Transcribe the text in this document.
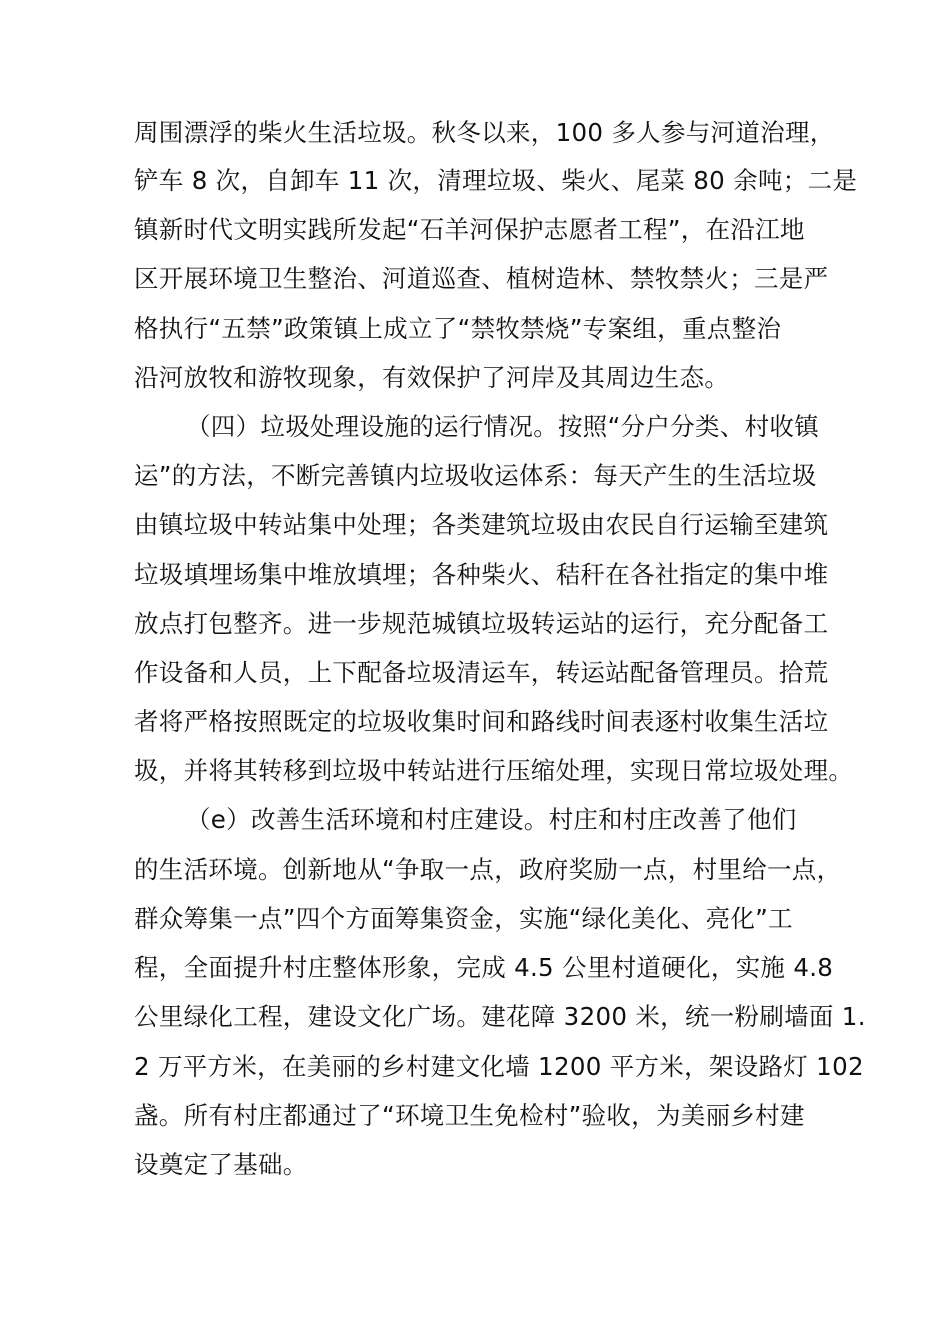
周围漂浮的柴火生活垃圾。秋冬以来，100 多人参与河道治理，
铲车 8 次，自卸车 11 次，清理垃圾、柴火、尾菜 80 余吨；二是
镇新时代文明实践所发起“石羊河保护志愿者工程”，在沿江地
区开展环境卫生整治、河道巡查、植树造林、禁牧禁火；三是严
格执行“五禁”政策镇上成立了“禁牧禁烧”专案组，重点整治
沿河放牧和游牧现象，有效保护了河岸及其周边生态。
（四）垃圾处理设施的运行情况。按照“分户分类、村收镇
运”的方法，不断完善镇内垃圾收运体系：每天产生的生活垃圾
由镇垃圾中转站集中处理；各类建筑垃圾由农民自行运输至建筑
垃圾填埋场集中堆放填埋；各种柴火、秸秆在各社指定的集中堆
放点打包整齐。进一步规范城镇垃圾转运站的运行，充分配备工
作设备和人员，上下配备垃圾清运车，转运站配备管理员。拾荒
者将严格按照既定的垃圾收集时间和路线时间表逐村收集生活垃
圾，并将其转移到垃圾中转站进行压缩处理，实现日常垃圾处理。
（e）改善生活环境和村庄建设。村庄和村庄改善了他们
的生活环境。创新地从“争取一点，政府奖励一点，村里给一点，
群众筹集一点”四个方面筹集资金，实施“绿化美化、亮化”工
程，全面提升村庄整体形象，完成 4.5 公里村道硬化，实施 4.8
公里绿化工程，建设文化广场。建花障 3200 米，统一粉刷墙面 1.
2 万平方米，在美丽的乡村建文化墙 1200 平方米，架设路灯 102
盏。所有村庄都通过了“环境卫生免检村”验收，为美丽乡村建
设奠定了基础。
